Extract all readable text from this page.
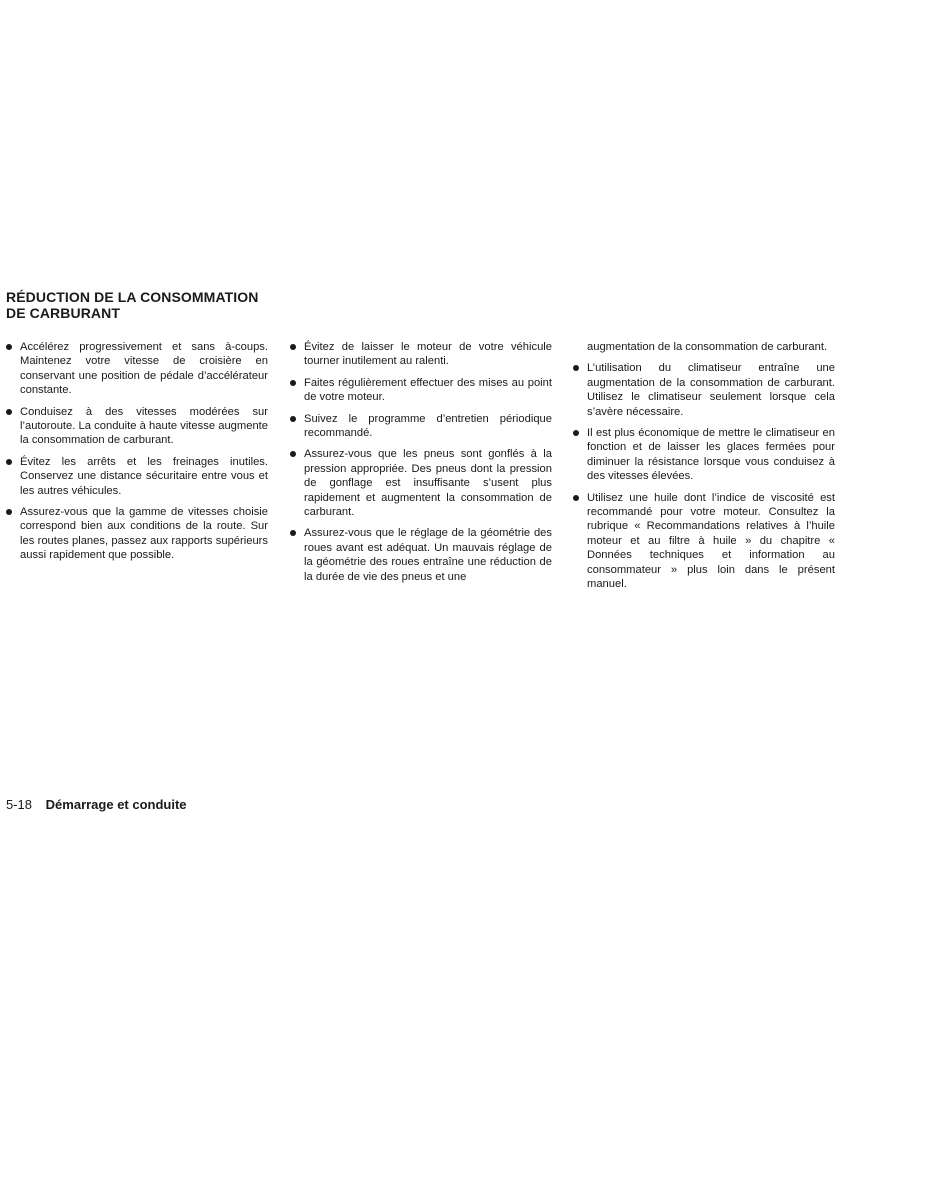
RÉDUCTION DE LA CONSOMMATION
DE CARBURANT
Accélérez progressivement et sans à-coups. Maintenez votre vitesse de croisière en conservant une position de pédale d’accélérateur constante.
Conduisez à des vitesses modérées sur l’autoroute. La conduite à haute vitesse augmente la consommation de carburant.
Évitez les arrêts et les freinages inutiles. Conservez une distance sécuritaire entre vous et les autres véhicules.
Assurez-vous que la gamme de vitesses choisie correspond bien aux conditions de la route. Sur les routes planes, passez aux rapports supérieurs aussi rapidement que possible.
Évitez de laisser le moteur de votre véhicule tourner inutilement au ralenti.
Faites régulièrement effectuer des mises au point de votre moteur.
Suivez le programme d’entretien périodique recommandé.
Assurez-vous que les pneus sont gonflés à la pression appropriée. Des pneus dont la pression de gonflage est insuffisante s’usent plus rapidement et augmentent la consommation de carburant.
Assurez-vous que le réglage de la géométrie des roues avant est adéquat. Un mauvais réglage de la géométrie des roues entraîne une réduction de la durée de vie des pneus et une
augmentation de la consommation de carburant.
L’utilisation du climatiseur entraîne une augmentation de la consommation de carburant. Utilisez le climatiseur seulement lorsque cela s’avère nécessaire.
Il est plus économique de mettre le climatiseur en fonction et de laisser les glaces fermées pour diminuer la résistance lorsque vous conduisez à des vitesses élevées.
Utilisez une huile dont l’indice de viscosité est recommandé pour votre moteur. Consultez la rubrique « Recommandations relatives à l’huile moteur et au filtre à huile » du chapitre « Données techniques et information au consommateur » plus loin dans le présent manuel.
5-18 Démarrage et conduite
